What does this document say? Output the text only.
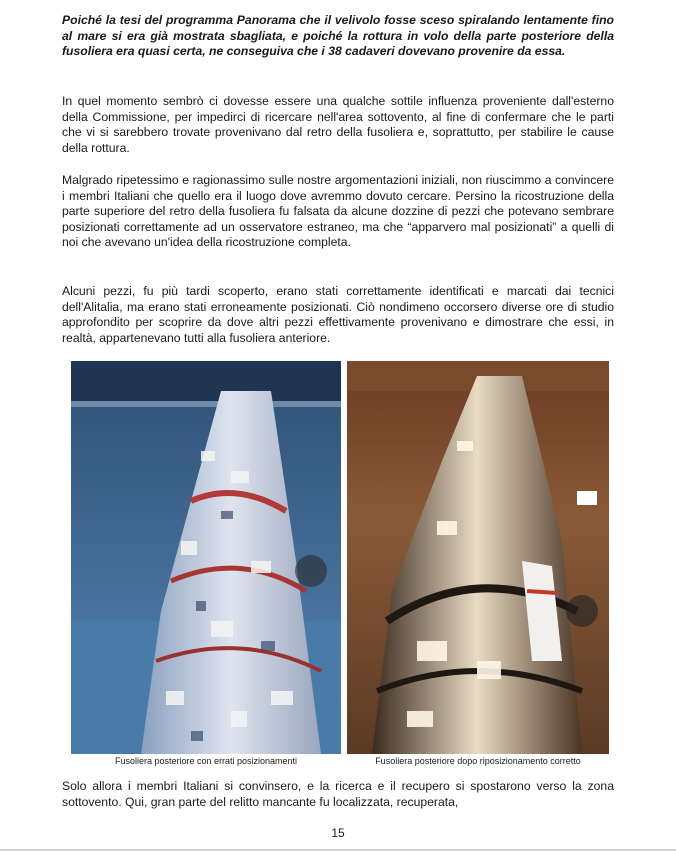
Poiché la tesi del programma Panorama che il velivolo fosse sceso spiralando lentamente fino al mare si era già mostrata sbagliata, e poiché la rottura in volo della parte posteriore della fusoliera era quasi certa, ne conseguiva che i 38 cadaveri dovevano provenire da essa.

In quel momento sembrò ci dovesse essere una qualche sottile influenza proveniente dall'esterno della Commissione, per impedirci di ricercare nell'area sottovento, al fine di confermare che le parti che vi si sarebbero trovate provenivano dal retro della fusoliera e, soprattutto, per stabilire le cause della rottura.

Malgrado ripetessimo e ragionassimo sulle nostre argomentazioni iniziali, non riuscimmo a convincere i membri Italiani che quello era il luogo dove avremmo dovuto cercare. Persino la ricostruzione della parte superiore del retro della fusoliera fu falsata da alcune dozzine di pezzi che potevano sembrare posizionati correttamente ad un osservatore estraneo, ma che “apparvero mal posizionati” a quelli di noi che avevano un'idea della ricostruzione completa.

Alcuni pezzi, fu più tardi scoperto, erano stati correttamente identificati e marcati dai tecnici dell'Alitalia, ma erano stati erroneamente posizionati. Ciò nondimeno occorsero diverse ore di studio approfondito per scoprire da dove altri pezzi effettivamente provenivano e dimostrare che essi, in realtà, appartenevano tutti alla fusoliera anteriore.

Fusoliera posteriore con errati posizionamenti	Fusoliera posteriore dopo riposizionamento corretto

Solo allora i membri Italiani si convinsero, e la ricerca e il recupero si spostarono verso la zona sottovento. Qui, gran parte del relitto mancante fu localizzata, recuperata,

15
